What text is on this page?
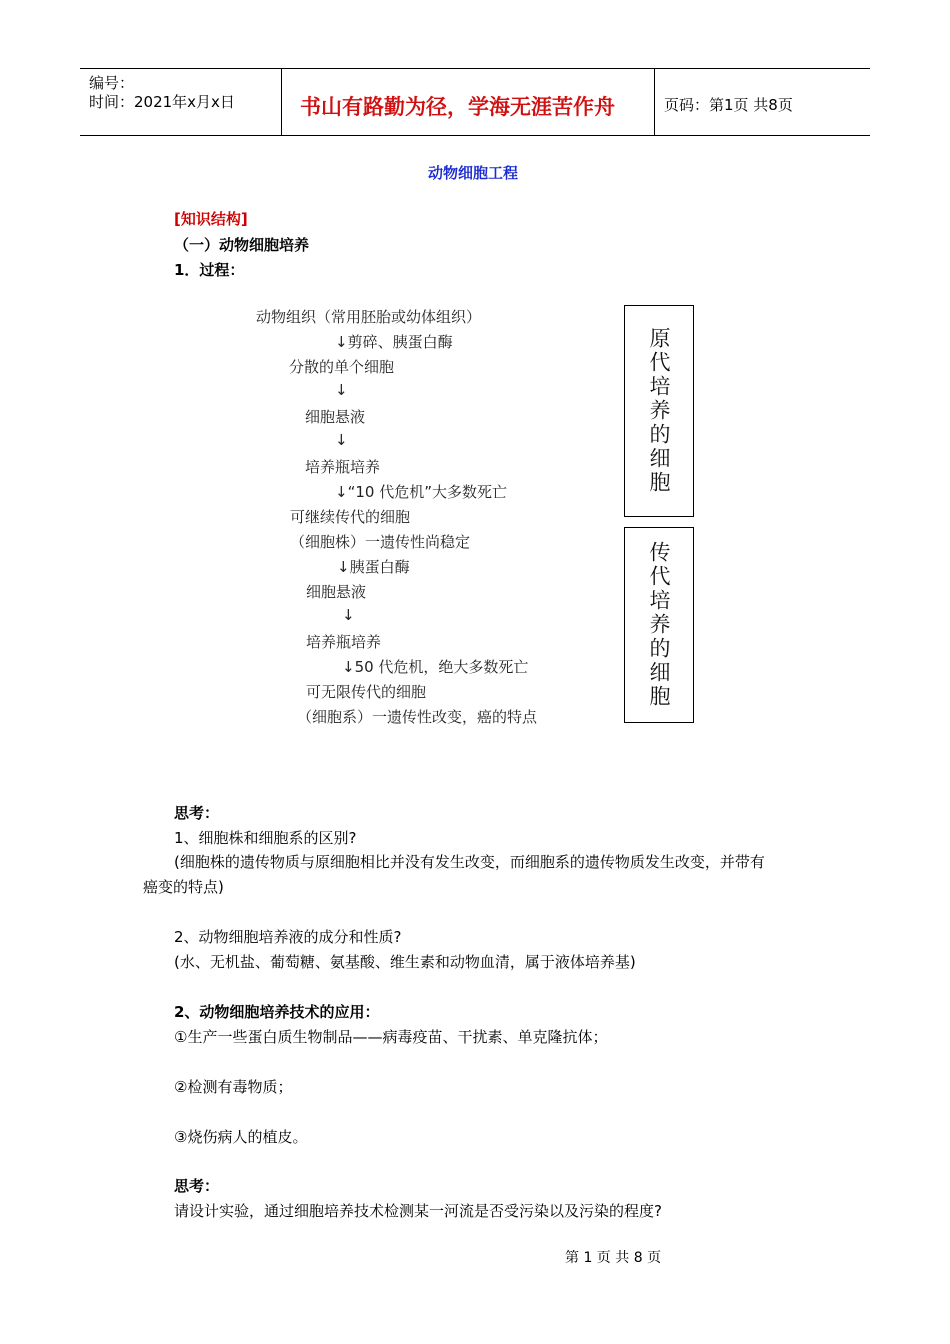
编号：
时间：2021年x月x日	书山有路勤为径，学海无涯苦作舟	页码：第1页 共8页
动物细胞工程
[知识结构]
（一）动物细胞培养
1．过程：
动物组织（常用胚胎或幼体组织）
↓剪碎、胰蛋白酶
分散的单个细胞
↓
细胞悬液
↓
培养瓶培养
↓“10 代危机”大多数死亡
可继续传代的细胞
（细胞株）一遗传性尚稳定
↓胰蛋白酶
细胞悬液
↓
培养瓶培养
↓50 代危机，绝大多数死亡
可无限传代的细胞
（细胞系）一遗传性改变，癌的特点
原代培养的细胞
传代培养的细胞
思考：
1、细胞株和细胞系的区别?
(细胞株的遗传物质与原细胞相比并没有发生改变，而细胞系的遗传物质发生改变，并带有
癌变的特点)
2、动物细胞培养液的成分和性质?
(水、无机盐、葡萄糖、氨基酸、维生素和动物血清，属于液体培养基)
2、动物细胞培养技术的应用：
①生产一些蛋白质生物制品——病毒疫苗、干扰素、单克隆抗体；
②检测有毒物质；
③烧伤病人的植皮。
思考：
请设计实验，通过细胞培养技术检测某一河流是否受污染以及污染的程度?
第 1 页 共 8 页
